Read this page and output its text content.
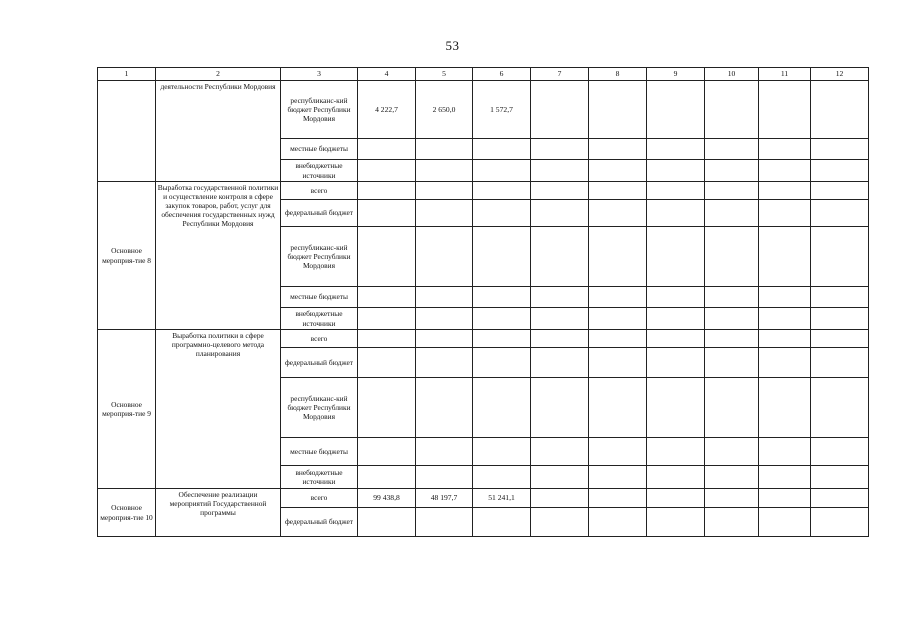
53
1	2	3	4	5	6	7	8	9	10	11	12
	деятельности Республики Мордовия	республиканс-кий бюджет Республики Мордовия	4 222,7	2 650,0	1 572,7						
		местные бюджеты									
		внебюджетные источники									
Основное мероприя-тие 8	Выработка государственной политики и осуществление контроля в сфере закупок товаров, работ, услуг для обеспечения государственных нужд Республики Мордовия	всего									
		федеральный бюджет									
		республиканс-кий бюджет Республики Мордовия									
		местные бюджеты									
		внебюджетные источники									
Основное мероприя-тие 9	Выработка политики в сфере программно-целевого метода планирования	всего									
		федеральный бюджет									
		республиканс-кий бюджет Республики Мордовия									
		местные бюджеты									
		внебюджетные источники									
Основное мероприя-тие 10	Обеспечение реализации мероприятий Государственной программы	всего	99 438,8	48 197,7	51 241,1						
		федеральный бюджет									
